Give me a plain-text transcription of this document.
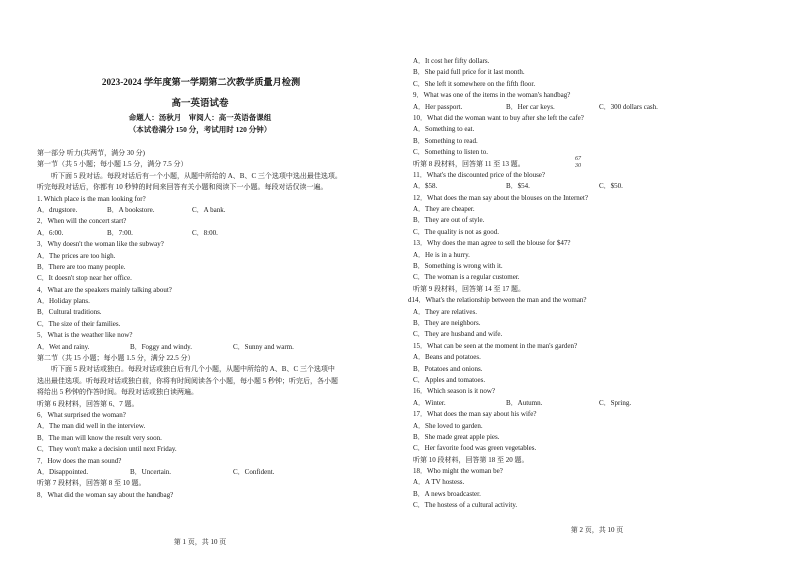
2023-2024 学年度第一学期第二次教学质量月检测
高一英语试卷
命题人：汤秋月　审阅人：高一英语备课组
（本试卷满分 150 分，考试用时 120 分钟）
第一部分 听力(共两节，满分 30 分)
第一节（共 5 小题；每小题 1.5 分，满分 7.5 分）
听下面 5 段对话。每段对话后有一个小题，从题中所给的 A、B、C 三个选项中选出最佳选项。
听完每段对话后，你都有 10 秒钟的时间来回答有关小题和阅读下一小题。每段对话仅读一遍。
1. Which place is the man looking for?
A．drugstore.	B．A bookstore.	C．A bank.
2．When will the concert start?
A．6:00.	B．7:00.	C．8:00.
3．Why doesn't the woman like the subway?
A．The prices are too high.
B．There are too many people.
C．It doesn't stop near her office.
4．What are the speakers mainly talking about?
A．Holiday plans.
B．Cultural traditions.
C．The size of their families.
5．What is the weather like now?
A．Wet and rainy.	B．Foggy and windy.	C．Sunny and warm.
第二节（共 15 小题；每小题 1.5 分，满分 22.5 分）
听下面 5 段对话或独白。每段对话或独白后有几个小题，从题中所给的 A、B、C 三个选项中
选出最佳选项。听每段对话或独白前，你将有时间阅读各个小题，每小题 5 秒钟；听完后，各小题
将给出 5 秒钟的作答时间。每段对话或独白读两遍。
听第 6 段材料，回答第 6、7 题。
6．What surprised the woman?
A．The man did well in the interview.
B．The man will know the result very soon.
C．They won't make a decision until next Friday.
7．How does the man sound?
A．Disappointed.	B．Uncertain.	C．Confident.
听第 7 段材料，回答第 8 至 10 题。
8．What did the woman say about the handbag?
第 1 页，共 10 页
A．It cost her fifty dollars.
B．She paid full price for it last month.
C．She left it somewhere on the fifth floor.
9．What was one of the items in the woman's handbag?
A．Her passport.	B．Her car keys.	C．300 dollars cash.
10．What did the woman want to buy after she left the cafe?
A．Something to eat.
B．Something to read.
C．Something to listen to.
听第 8 段材料，回答第 11 至 13 题。
11．What's the discounted price of the blouse?
A．$58.	B．$54.	C．$50.
12．What does the man say about the blouses on the Internet?
A．They are cheaper.
B．They are out of style.
C．The quality is not as good.
13．Why does the man agree to sell the blouse for $47?
A．He is in a hurry.
B．Something is wrong with it.
C．The woman is a regular customer.
听第 9 段材料，回答第 14 至 17 题。
d14．What's the relationship between the man and the woman?
A．They are relatives.
B．They are neighbors.
C．They are husband and wife.
15．What can be seen at the moment in the man's garden?
A．Beans and potatoes.
B．Potatoes and onions.
C．Apples and tomatoes.
16．Which season is it now?
A．Winter.	B．Autumn.	C．Spring.
17．What does the man say about his wife?
A．She loved to garden.
B．She made great apple pies.
C．Her favorite food was green vegetables.
听第 10 段材料，回答第 18 至 20 题。
18．Who might the woman be?
A．A TV hostess.
B．A news broadcaster.
C．The hostess of a cultural activity.
67
30
第 2 页，共 10 页
